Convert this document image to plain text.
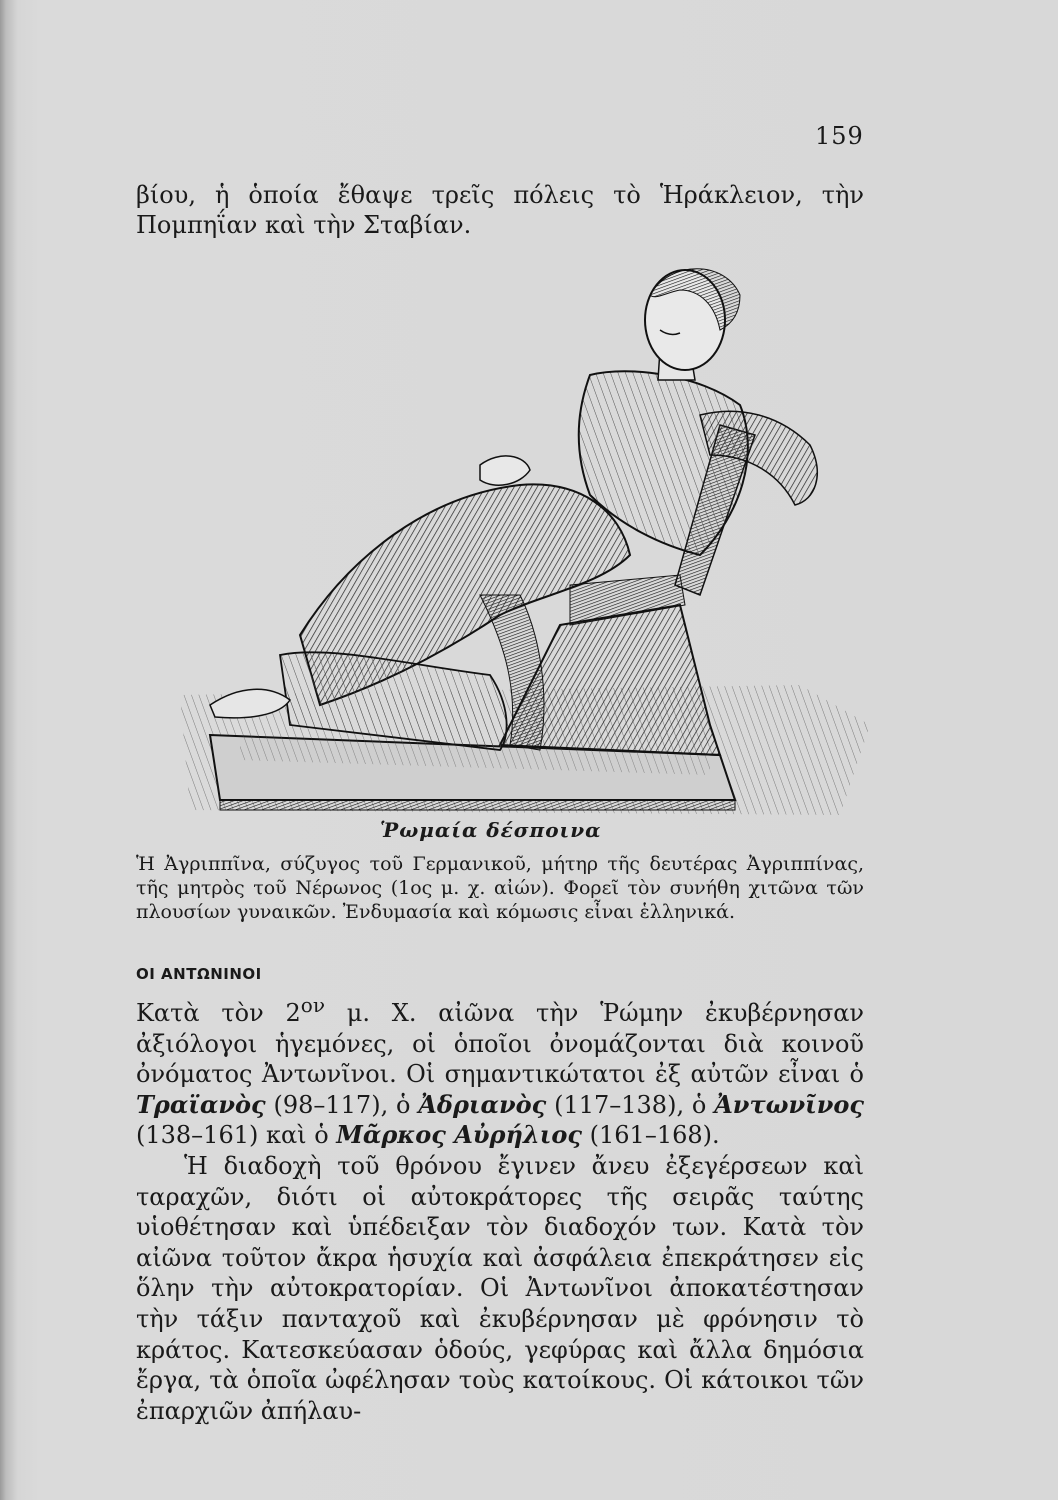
159
βίου, ἡ ὁποία ἔθαψε τρεῖς πόλεις τὸ Ἡράκλειον, τὴν Πομπηΐαν καὶ τὴν Σταβίαν.
Ῥωμαία δέσποινα
Ἡ Ἀγριππῖνα, σύζυγος τοῦ Γερμανικοῦ, μήτηρ τῆς δευτέρας Ἀγριππίνας, τῆς μητρὸς τοῦ Νέρωνος (1ος μ. χ. αἰών). Φορεῖ τὸν συνήθη χιτῶνα τῶν πλουσίων γυναικῶν. Ἐνδυμασία καὶ κόμωσις εἶναι ἑλληνικά.
ΟΙ ΑΝΤΩΝΙΝΟΙ

Κατὰ τὸν $2^{o\nu}$ μ. Χ. αἰῶνα τὴν Ῥώμην ἐκυβέρνησαν ἀξιόλογοι ἡγεμόνες, οἱ ὁποῖοι ὀνομάζονται διὰ κοινοῦ ὀνόματος Ἀντωνῖνοι. Οἱ σημαντικώτατοι ἐξ αὐτῶν εἶναι ὁ Τραϊανὸς (98–117), ὁ Ἀδριανὸς (117–138), ὁ Ἀντωνῖνος (138–161) καὶ ὁ Μᾶρκος Αὐρήλιος (161–168).

Ἡ διαδοχὴ τοῦ θρόνου ἔγινεν ἄνευ ἐξεγέρσεων καὶ ταραχῶν, διότι οἱ αὐτοκράτορες τῆς σειρᾶς ταύτης υἱοθέτησαν καὶ ὑπέδειξαν τὸν διαδοχόν των. Κατὰ τὸν αἰῶνα τοῦτον ἄκρα ἡσυχία καὶ ἀσφάλεια ἐπεκράτησεν εἰς ὅλην τὴν αὐτοκρατορίαν. Οἱ Ἀντωνῖνοι ἀποκατέστησαν τὴν τάξιν πανταχοῦ καὶ ἐκυβέρνησαν μὲ φρόνησιν τὸ κράτος. Κατεσκεύασαν ὁδούς, γεφύρας καὶ ἄλλα δημόσια ἔργα, τὰ ὁποῖα ὠφέλησαν τοὺς κατοίκους. Οἱ κάτοικοι τῶν ἐπαρχιῶν ἀπήλαυ-
